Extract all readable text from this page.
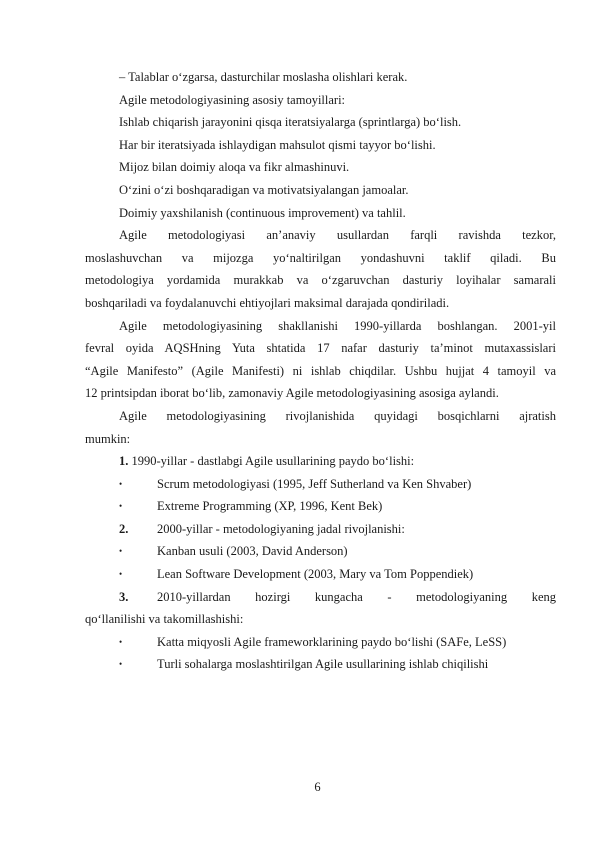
– Talablar o‘zgarsa, dasturchilar moslasha olishlari kerak.

Agile metodologiyasining asosiy tamoyillari:

Ishlab chiqarish jarayonini qisqa iteratsiyalarga (sprintlarga) bo‘lish.

Har bir iteratsiyada ishlaydigan mahsulot qismi tayyor bo‘lishi.

Mijoz bilan doimiy aloqa va fikr almashinuvi.

O‘zini o‘zi boshqaradigan va motivatsiyalangan jamoalar.

Doimiy yaxshilanish (continuous improvement) va tahlil.

Agile metodologiyasi an’anaviy usullardan farqli ravishda tezkor,

moslashuvchan va mijozga yo‘naltirilgan yondashuvni taklif qiladi. Bu

metodologiya yordamida murakkab va o‘zgaruvchan dasturiy loyihalar samarali

boshqariladi va foydalanuvchi ehtiyojlari maksimal darajada qondiriladi.

Agile metodologiyasining shakllanishi 1990-yillarda boshlangan. 2001-yil

fevral oyida AQSHning Yuta shtatida 17 nafar dasturiy ta’minot mutaxassislari

“Agile Manifesto” (Agile Manifesti) ni ishlab chiqdilar. Ushbu hujjat 4 tamoyil va

12 printsipdan iborat bo‘lib, zamonaviy Agile metodologiyasining asosiga aylandi.

Agile metodologiyasining rivojlanishida quyidagi bosqichlarni ajratish

mumkin:

1. 1990-yillar - dastlabgi Agile usullarining paydo bo‘lishi:

•	Scrum metodologiyasi (1995, Jeff Sutherland va Ken Shvaber)
•	Extreme Programming (XP, 1996, Kent Bek)
2.	2000-yillar - metodologiyaning jadal rivojlanishi:
•	Kanban usuli (2003, David Anderson)
•	Lean Software Development (2003, Mary va Tom Poppendiek)
3.	2010-yillardan hozirgi kungacha - metodologiyaning keng

qo‘llanilishi va takomillashishi:

•	Katta miqyosli Agile frameworklarining paydo bo‘lishi (SAFe, LeSS)
•	Turli sohalarga moslashtirilgan Agile usullarining ishlab chiqilishi
6
